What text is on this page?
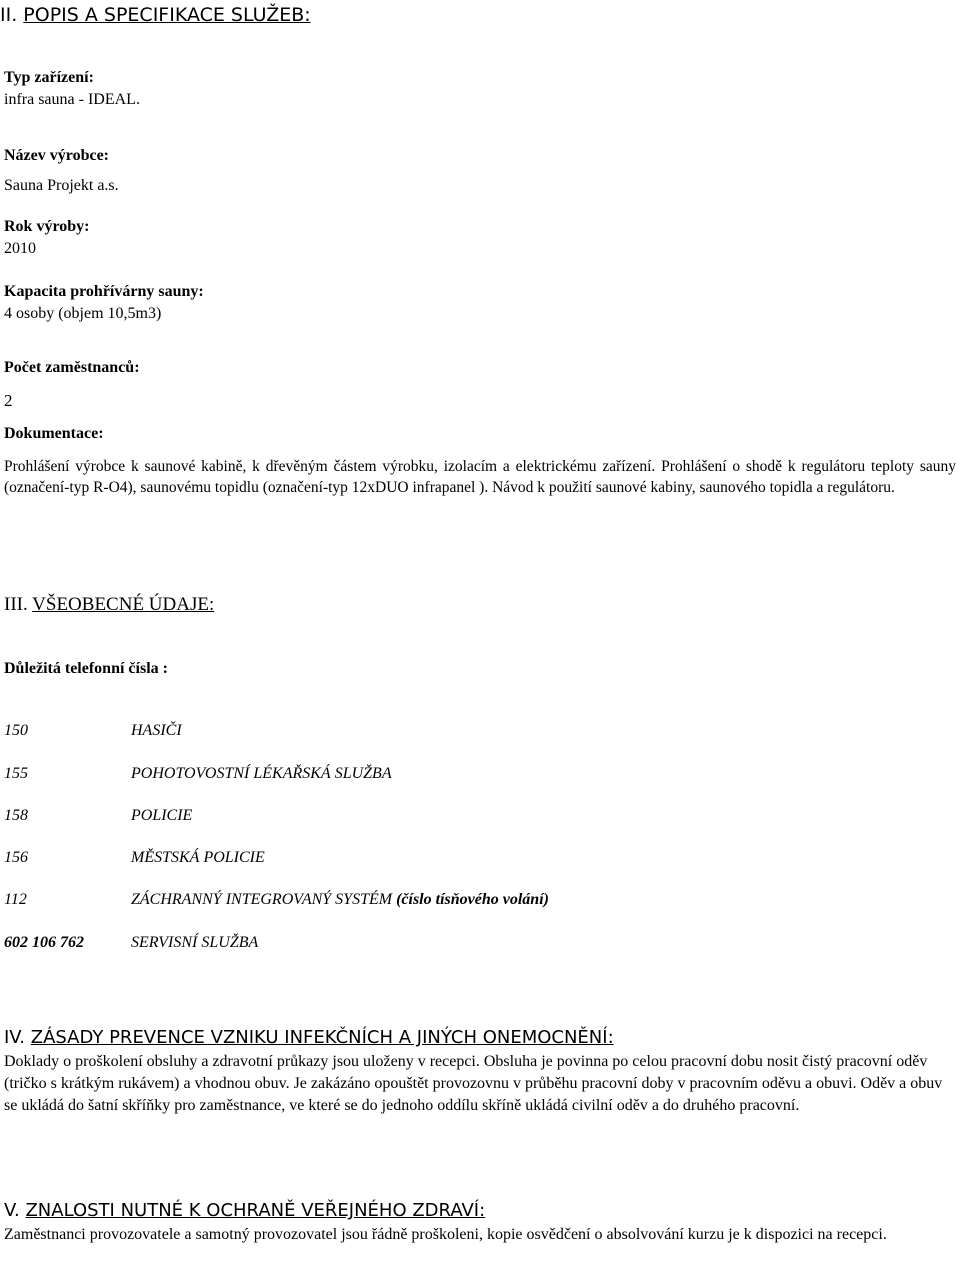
II. POPIS A SPECIFIKACE SLUŽEB:
Typ zařízení:
infra sauna - IDEAL.
Název výrobce:
Sauna Projekt a.s.
Rok výroby:
2010
Kapacita prohřívárny sauny:
4 osoby (objem 10,5m3)
Počet zaměstnanců:
2
Dokumentace:
Prohlášení výrobce k saunové kabině, k dřevěným částem výrobku, izolacím a elektrickému zařízení. Prohlášení o shodě k regulátoru teploty sauny (označení-typ R-O4), saunovému topidlu (označení-typ 12xDUO infrapanel ). Návod k použití saunové kabiny, saunového topidla a regulátoru.
III. VŠEOBECNÉ ÚDAJE:
Důležitá telefonní čísla :
150	HASIČI
155	POHOTOVOSTNÍ LÉKAŘSKÁ SLUŽBA
158	POLICIE
156	MĚSTSKÁ POLICIE
112	ZÁCHRANNÝ INTEGROVANÝ SYSTÉM (číslo tísňového volání)
602 106 762	SERVISNÍ SLUŽBA
IV. ZÁSADY PREVENCE VZNIKU INFEKČNÍCH A JINÝCH ONEMOCNĚNÍ:
Doklady o proškolení obsluhy a zdravotní průkazy jsou uloženy v recepci. Obsluha je povinna po celou pracovní dobu nosit čistý pracovní oděv (tričko s krátkým rukávem) a vhodnou obuv. Je zakázáno opouštět provozovnu v průběhu pracovní doby v pracovním oděvu a obuvi. Oděv a obuv se ukládá do šatní skříňky pro zaměstnance, ve které se do jednoho oddílu skříně ukládá civilní oděv a do druhého pracovní.
V. ZNALOSTI NUTNÉ K OCHRANĚ VEŘEJNÉHO ZDRAVÍ:
Zaměstnanci provozovatele a samotný provozovatel jsou řádně proškoleni, kopie osvědčení o absolvování kurzu je k dispozici na recepci.
